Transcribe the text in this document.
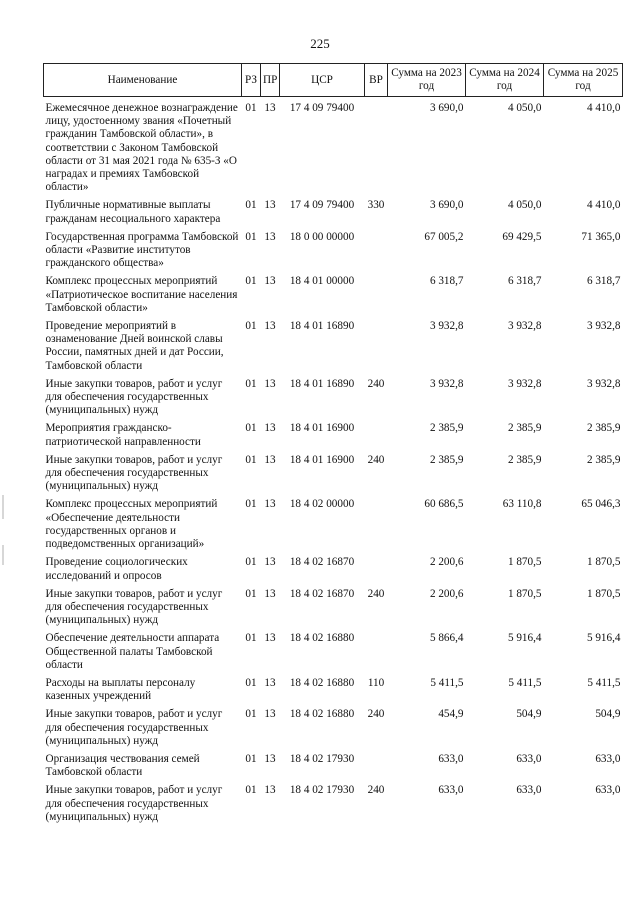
225
Наименование	РЗ	ПР	ЦСР	ВР	Сумма на 2023 год	Сумма на 2024 год	Сумма на 2025 год

Ежемесячное денежное вознаграждение лицу, удостоенному звания «Почетный гражданин Тамбовской области», в соответствии с Законом Тамбовской области от 31 мая 2021 года № 635-З «О наградах и премиях Тамбовской области»	01	13	17 4 09 79400		3 690,0	4 050,0	4 410,0

Публичные нормативные выплаты гражданам несоциального характера	01	13	17 4 09 79400	330	3 690,0	4 050,0	4 410,0

Государственная программа Тамбовской области «Развитие институтов гражданского общества»	01	13	18 0 00 00000		67 005,2	69 429,5	71 365,0

Комплекс процессных мероприятий «Патриотическое воспитание населения Тамбовской области»	01	13	18 4 01 00000		6 318,7	6 318,7	6 318,7

Проведение мероприятий в ознаменование Дней воинской славы России, памятных дней и дат России, Тамбовской области	01	13	18 4 01 16890		3 932,8	3 932,8	3 932,8

Иные закупки товаров, работ и услуг для обеспечения государственных (муниципальных) нужд	01	13	18 4 01 16890	240	3 932,8	3 932,8	3 932,8

Мероприятия гражданско-патриотической направленности	01	13	18 4 01 16900		2 385,9	2 385,9	2 385,9

Иные закупки товаров, работ и услуг для обеспечения государственных (муниципальных) нужд	01	13	18 4 01 16900	240	2 385,9	2 385,9	2 385,9

Комплекс процессных мероприятий «Обеспечение деятельности государственных органов и подведомственных организаций»	01	13	18 4 02 00000		60 686,5	63 110,8	65 046,3

Проведение социологических исследований и опросов	01	13	18 4 02 16870		2 200,6	1 870,5	1 870,5

Иные закупки товаров, работ и услуг для обеспечения государственных (муниципальных) нужд	01	13	18 4 02 16870	240	2 200,6	1 870,5	1 870,5

Обеспечение деятельности аппарата Общественной палаты Тамбовской области	01	13	18 4 02 16880		5 866,4	5 916,4	5 916,4

Расходы на выплаты персоналу казенных учреждений	01	13	18 4 02 16880	110	5 411,5	5 411,5	5 411,5

Иные закупки товаров, работ и услуг для обеспечения государственных (муниципальных) нужд	01	13	18 4 02 16880	240	454,9	504,9	504,9

Организация чествования семей Тамбовской области	01	13	18 4 02 17930		633,0	633,0	633,0

Иные закупки товаров, работ и услуг для обеспечения государственных (муниципальных) нужд	01	13	18 4 02 17930	240	633,0	633,0	633,0
